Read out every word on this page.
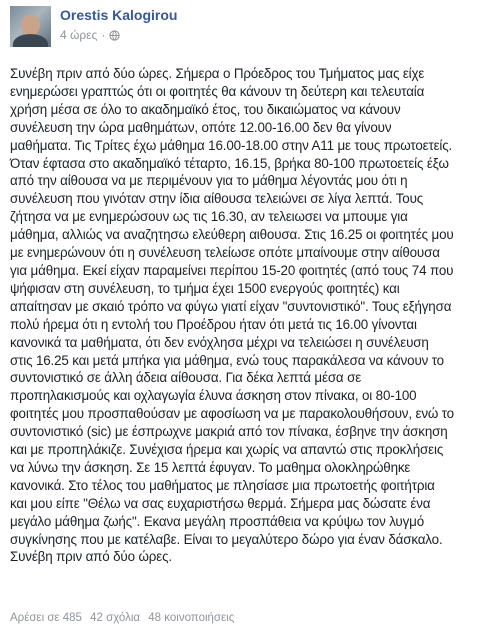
Orestis Kalogirou
4 ώρες ·
Συνέβη πριν από δύο ώρες. Σήμερα ο Πρόεδρος του Τμήματος μας είχε
ενημερώσει γραπτώς ότι οι φοιτητές θα κάνουν τη δεύτερη και τελευταία
χρήση μέσα σε όλο το ακαδημαϊκό έτος, του δικαιώματος να κάνουν
συνέλευση την ώρα μαθημάτων, οπότε 12.00-16.00 δεν θα γίνουν
μαθήματα. Τις Τρίτες έχω μάθημα 16.00-18.00 στην Α11 με τους πρωτοετείς.
Όταν έφτασα στο ακαδημαϊκό τέταρτο, 16.15, βρήκα 80-100 πρωτοετείς έξω
από την αίθουσα να με περιμένουν για το μάθημα λέγοντάς μου ότι η
συνέλευση που γινόταν στην ίδια αίθουσα τελειώνει σε λίγα λεπτά. Τους
ζήτησα να με ενημερώσουν ως τις 16.30, αν τελειωσει να μπουμε για
μάθημα, αλλιώς να αναζητησω ελεύθερη αιθουσα. Στις 16.25 οι φοιτητές μου
με ενημερώνουν ότι η συνέλευση τελείωσε οπότε μπαίνουμε στην αίθουσα
για μάθημα. Εκεί είχαν παραμείνει περίπου 15-20 φοιτητές (από τους 74 που
ψήφισαν στη συνέλευση, το τμήμα έχει 1500 ενεργούς φοιτητές) και
απαίτησαν με σκαιό τρόπο να φύγω γιατί είχαν "συντονιστικό". Τους εξήγησα
πολύ ήρεμα ότι η εντολή του Προέδρου ήταν ότι μετά τις 16.00 γίνονται
κανονικά τα μαθήματα, ότι δεν ενόχλησα μέχρι να τελειώσει η συνέλευση
στις 16.25 και μετά μπήκα για μάθημα, ενώ τους παρακάλεσα να κάνουν το
συντονιστικό σε άλλη άδεια αίθουσα. Για δέκα λεπτά μέσα σε
προπηλακισμούς και οχλαγωγία έλυνα άσκηση στον πίνακα, οι 80-100
φοιτητές μου προσπαθούσαν με αφοσίωση να με παρακολουθήσουν, ενώ το
συντονιστικό (sic) με έσπρωχνε μακριά από τον πίνακα, έσβηνε την άσκηση
και με προπηλάκιζε. Συνέχισα ήρεμα και χωρίς να απαντώ στις προκλήσεις
να λύνω την άσκηση. Σε 15 λεπτά έφυγαν. Το μαθημα ολοκληρώθηκε
κανονικά. Στο τέλος του μαθήματος με πλησίασε μια πρωτοετής φοιτήτρια
και μου είπε "Θέλω να σας ευχαριστήσω θερμά. Σήμερα μας δώσατε ένα
μεγάλο μάθημα ζωής". Εκανα μεγάλη προσπάθεια να κρύψω τον λυγμό
συγκίνησης που με κατέλαβε. Είναι το μεγαλύτερο δώρο για έναν δάσκαλο.
Συνέβη πριν από δύο ώρες.
Αρέσει σε 485 42 σχόλια 48 κοινοποιήσεις
